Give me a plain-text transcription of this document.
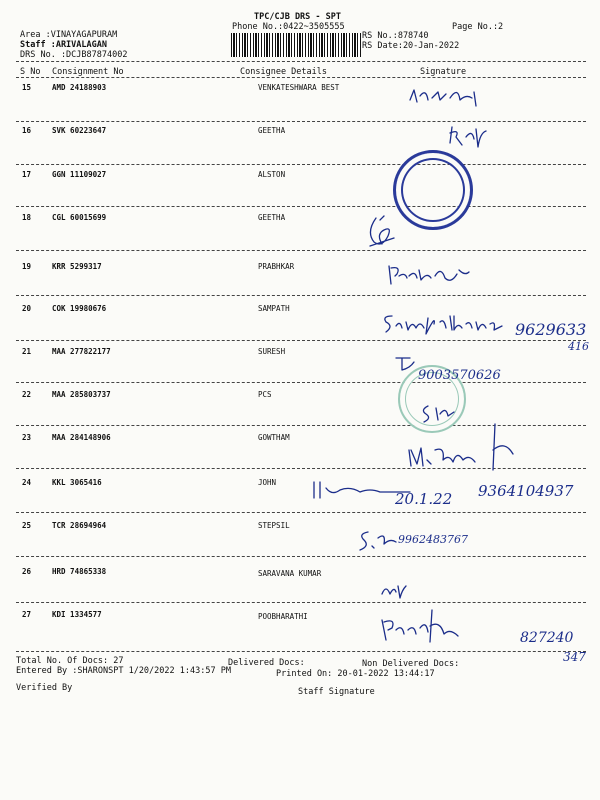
TPC/CJB DRS - SPT
Phone No.:0422~3505555	Page No.:2
Area :VINAYAGAPURAM
Staff :ARIVALAGAN
DRS No. :DCJB87874002
RS No.:878740
RS Date:20-Jan-2022
S No Consignment No	Consignee Details	Signature
15	AMD 24188903	VENKATESHWARA BEST
16	SVK 60223647	GEETHA
17	GGN 11109027	ALSTON
18	CGL 60015699	GEETHA
19	KRR 5299317	PRABHKAR
20	COK 19980676	SAMPATH
21	MAA 277822177	SURESH
22	MAA 285803737	PCS
23	MAA 284148906	GOWTHAM
24	KKL 3065416	JOHN
25	TCR 28694964	STEPSIL
26	HRD 74865338	SARAVANA KUMAR
27	KDI 1334577	POOBHARATHI
9629633
416
9003570626
20.1.22 9364104937
9962483767
827240
347
Total No. Of Docs: 27	Delivered Docs:	Non Delivered Docs:
Entered By :SHARONSPT 1/20/2022 1:43:57 PM	Printed On: 20-01-2022 13:44:17
Verified By	Staff Signature
